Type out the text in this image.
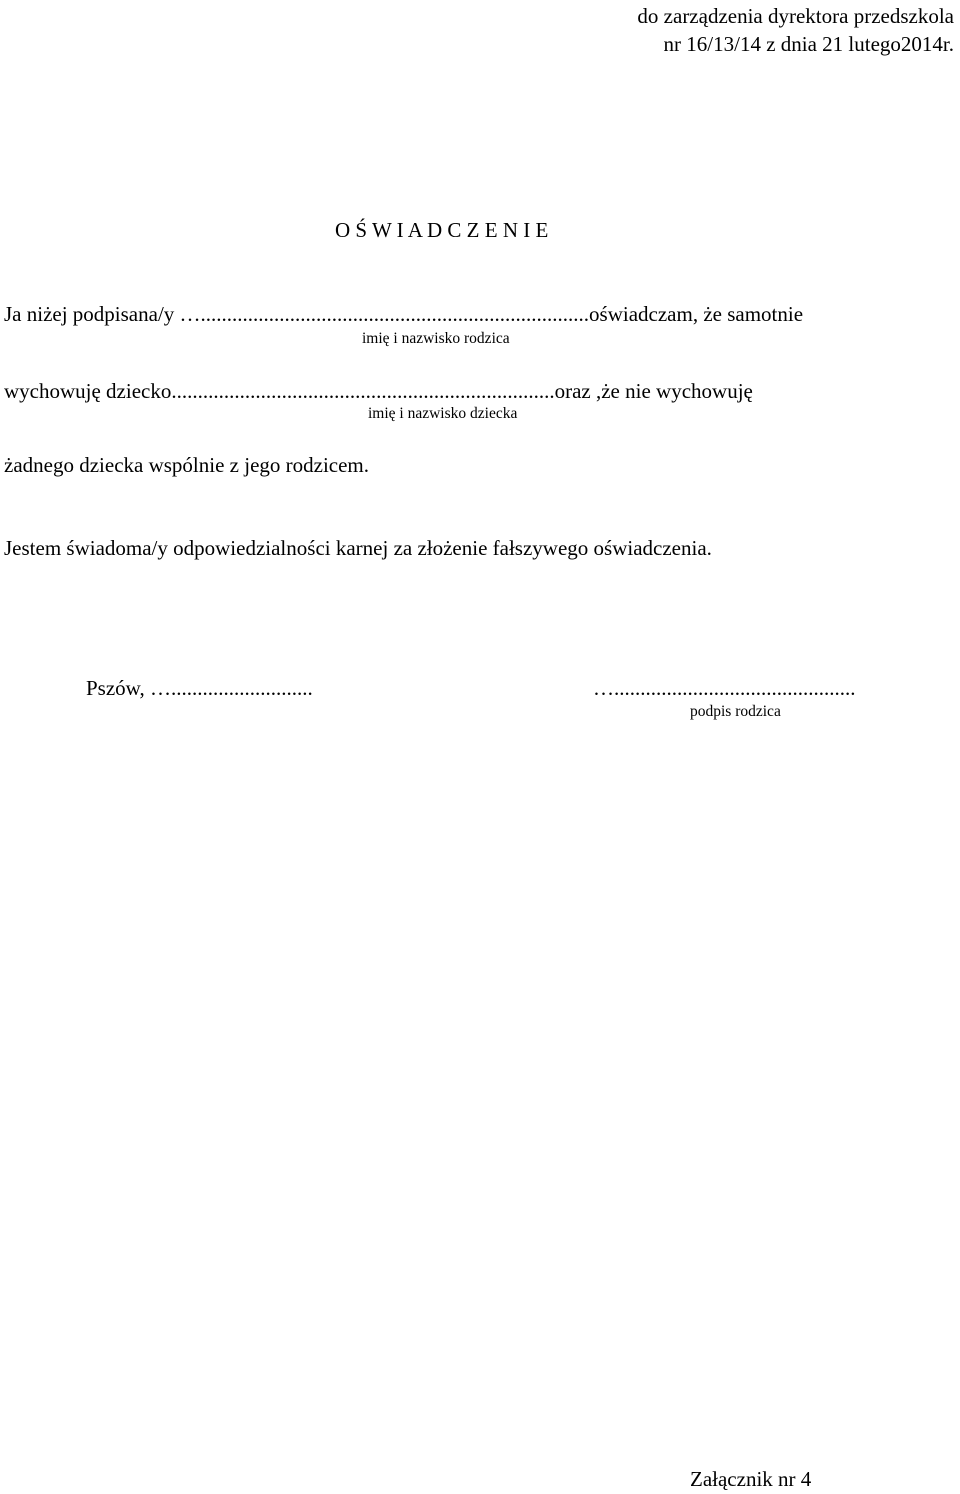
do zarządzenia dyrektora przedszkola
nr 16/13/14 z dnia 21 lutego2014r.
O Ś W I A D C Z E N I E
Ja niżej podpisana/y …..........................................................................oświadczam, że samotnie
imię i nazwisko rodzica
wychowuję dziecko.........................................................................oraz ,że nie wychowuję
imię i nazwisko dziecka
żadnego dziecka wspólnie z jego rodzicem.
Jestem świadoma/y odpowiedzialności karnej za złożenie fałszywego oświadczenia.
Pszów, …...........................	…..............................................
podpis rodzica
Załącznik nr 4
